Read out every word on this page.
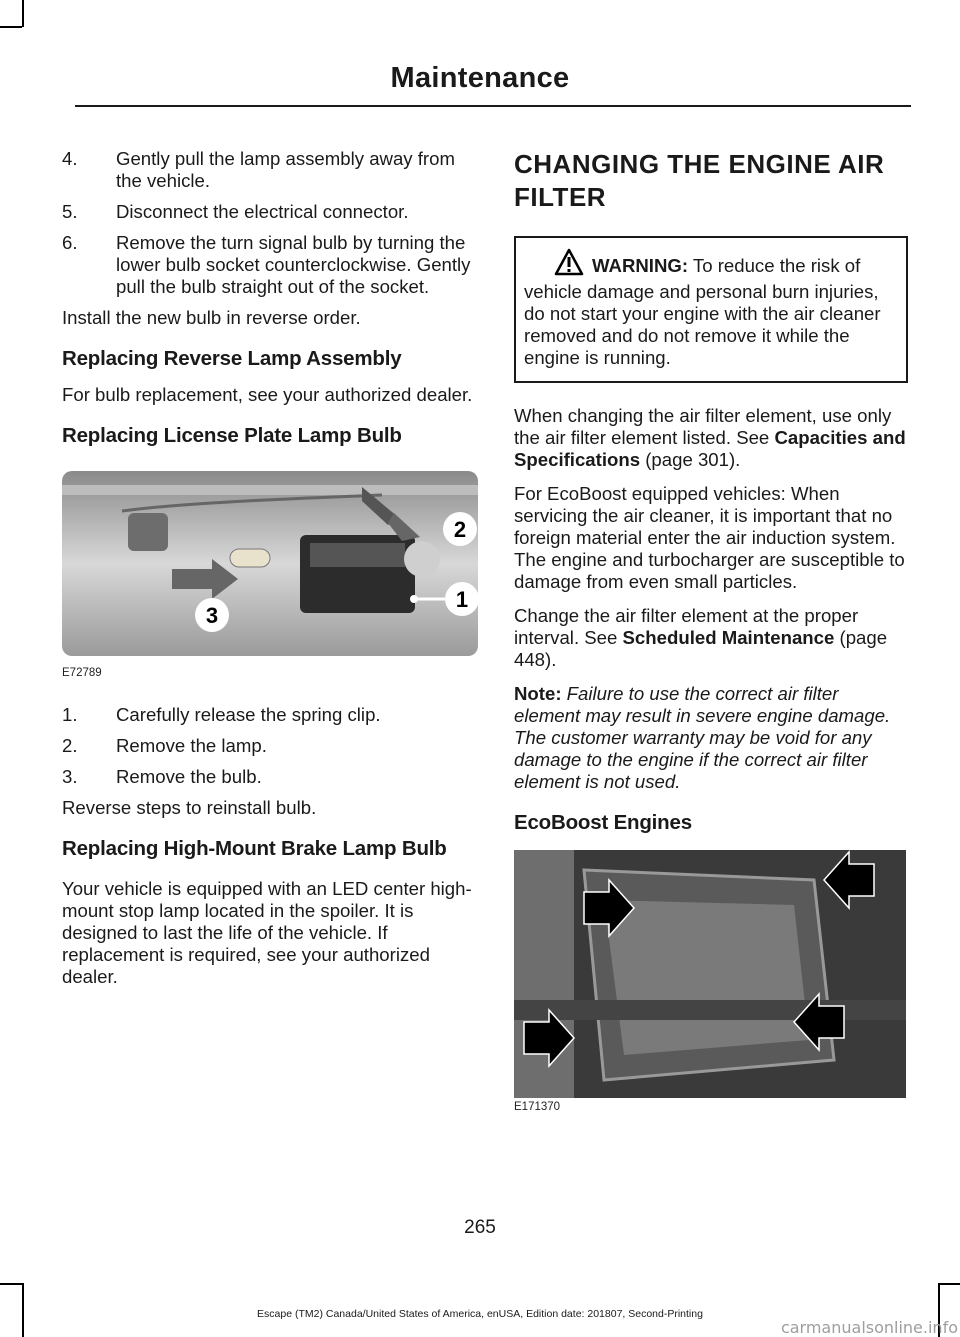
Maintenance
4.	Gently pull the lamp assembly away from the vehicle.
5.	Disconnect the electrical connector.
6.	Remove the turn signal bulb by turning the lower bulb socket counterclockwise. Gently pull the bulb straight out of the socket.

Install the new bulb in reverse order.

Replacing Reverse Lamp Assembly

For bulb replacement, see your authorized dealer.

Replacing License Plate Lamp Bulb
2
1
3
E72789
1.	Carefully release the spring clip.
2.	Remove the lamp.
3.	Remove the bulb.

Reverse steps to reinstall bulb.

Replacing High-Mount Brake Lamp Bulb

Your vehicle is equipped with an LED center high-mount stop lamp located in the spoiler. It is designed to last the life of the vehicle. If replacement is required, see your authorized dealer.

CHANGING THE ENGINE AIR FILTER
WARNING: To reduce the risk of vehicle damage and personal burn injuries, do not start your engine with the air cleaner removed and do not remove it while the engine is running.

When changing the air filter element, use only the air filter element listed. See Capacities and Specifications (page 301).

For EcoBoost equipped vehicles: When servicing the air cleaner, it is important that no foreign material enter the air induction system. The engine and turbocharger are susceptible to damage from even small particles.

Change the air filter element at the proper interval. See Scheduled Maintenance (page 448).

Note: Failure to use the correct air filter element may result in severe engine damage. The customer warranty may be void for any damage to the engine if the correct air filter element is not used.

EcoBoost Engines
E171370
265
Escape (TM2) Canada/United States of America, enUSA, Edition date: 201807, Second-Printing
carmanualsonline.info
